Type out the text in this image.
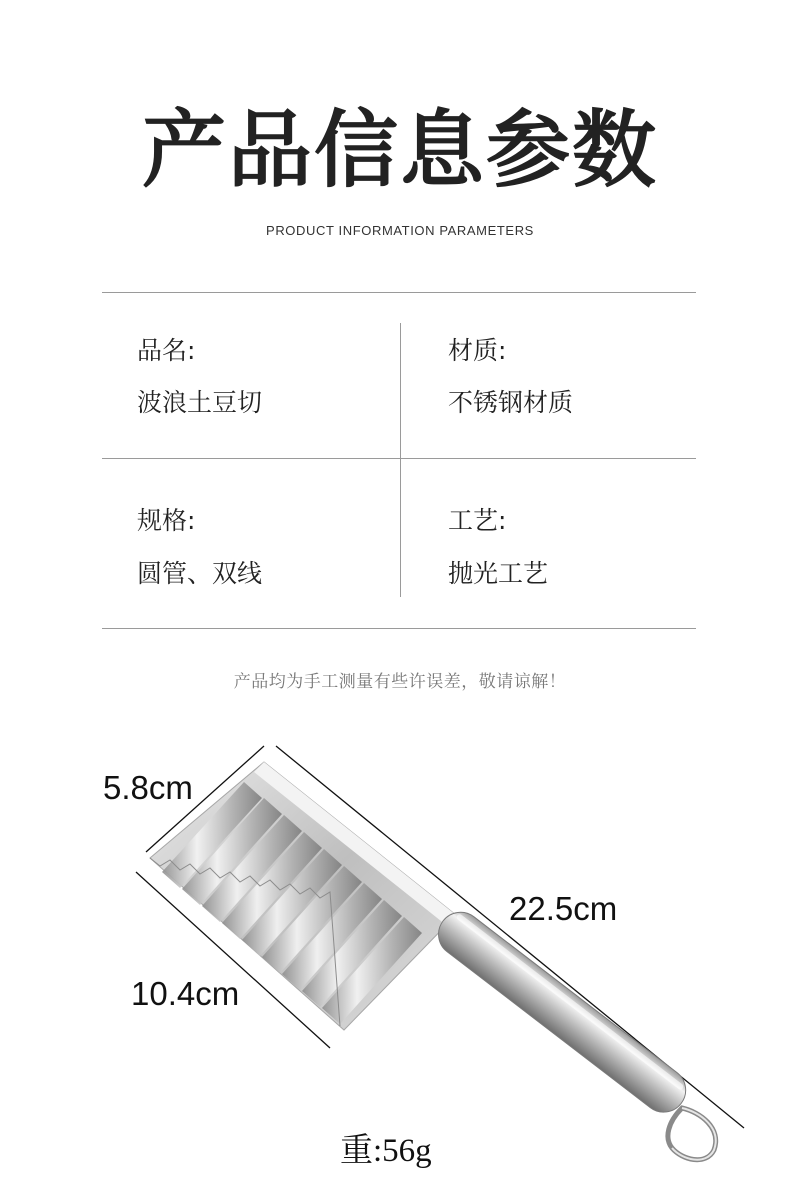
产品信息参数
PRODUCT INFORMATION PARAMETERS
品名:
波浪土豆切
材质:
不锈钢材质
规格:
圆管、双线
工艺:
抛光工艺
产品均为手工测量有些许误差，敬请谅解！
5.8cm
22.5cm
10.4cm
重:56g
